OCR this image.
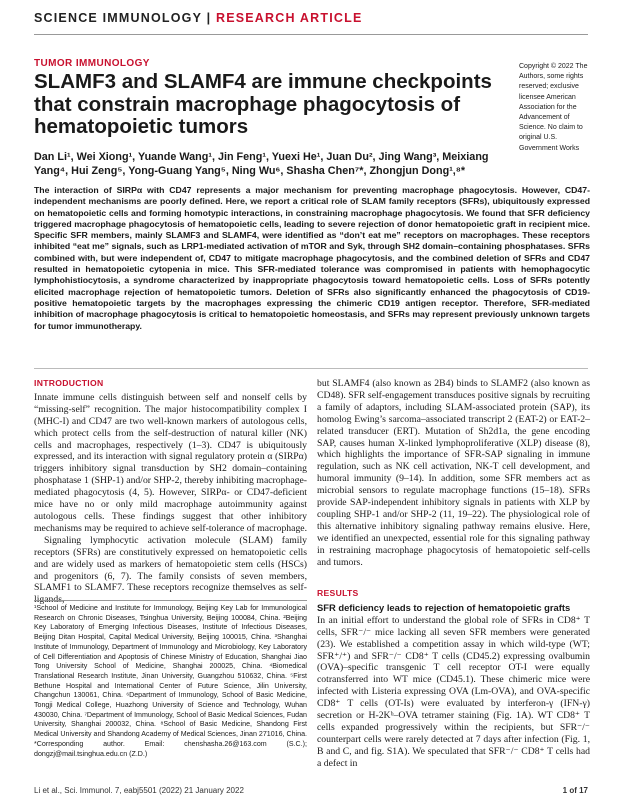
SCIENCE IMMUNOLOGY | RESEARCH ARTICLE
TUMOR IMMUNOLOGY
SLAMF3 and SLAMF4 are immune checkpoints that constrain macrophage phagocytosis of hematopoietic tumors
Dan Li¹, Wei Xiong¹, Yuande Wang¹, Jin Feng¹, Yuexi He¹, Juan Du², Jing Wang³, Meixiang Yang⁴, Hui Zeng⁵, Yong-Guang Yang⁵, Ning Wu⁶, Shasha Chen⁷*, Zhongjun Dong¹,⁸*
Copyright © 2022 The Authors, some rights reserved; exclusive licensee American Association for the Advancement of Science. No claim to original U.S. Government Works

The interaction of SIRPα with CD47 represents a major mechanism for preventing macrophage phagocytosis. However, CD47-independent mechanisms are poorly defined. Here, we report a critical role of SLAM family receptors (SFRs), ubiquitously expressed on hematopoietic cells and forming homotypic interactions, in constraining macrophage phagocytosis. We found that SFR deficiency triggered macrophage phagocytosis of hematopoietic cells, leading to severe rejection of donor hematopoietic graft in recipient mice. Specific SFR members, mainly SLAMF3 and SLAMF4, were identified as “don’t eat me” receptors on macrophages. These receptors inhibited “eat me” signals, such as LRP1-mediated activation of mTOR and Syk, through SH2 domain–containing phosphatases. SFRs combined with, but were independent of, CD47 to mitigate macrophage phagocytosis, and the combined deletion of SFRs and CD47 resulted in hematopoietic cytopenia in mice. This SFR-mediated tolerance was compromised in patients with hemophagocytic lymphohistiocytosis, a syndrome characterized by inappropriate phagocytosis toward hematopoietic cells. Loss of SFRs potently elicited macrophage rejection of hematopoietic tumors. Deletion of SFRs also significantly enhanced the phagocytosis of CD19-positive hematopoietic targets by the macrophages expressing the chimeric CD19 antigen receptor. Therefore, SFR-mediated inhibition of macrophage phagocytosis is critical to hematopoietic homeostasis, and SFRs may represent previously unknown targets for tumor immunotherapy.

INTRODUCTION

Innate immune cells distinguish between self and nonself cells by “missing-self” recognition. The major histocompatibility complex I (MHC-I) and CD47 are two well-known markers of autologous cells, which protect cells from the self-destruction of natural killer (NK) cells and macrophages, respectively (1–3). CD47 is ubiquitously expressed, and its interaction with signal regulatory protein α (SIRPα) triggers inhibitory signal transduction by SH2 domain–containing phosphatase 1 (SHP-1) and/or SHP-2, thereby inhibiting macrophage-mediated phagocytosis (4, 5). However, SIRPα- or CD47-deficient mice have no or only mild macrophage autoimmunity against autologous cells. These findings suggest that other inhibitory mechanisms may be required to achieve self-tolerance of macrophage.

Signaling lymphocytic activation molecule (SLAM) family receptors (SFRs) are constitutively expressed on hematopoietic cells and are widely used as markers of hematopoietic stem cells (HSCs) and progenitors (6, 7). The family consists of seven members, SLAMF1 to SLAMF7. These receptors recognize themselves as self-ligands,

¹School of Medicine and Institute for Immunology, Beijing Key Lab for Immunological Research on Chronic Diseases, Tsinghua University, Beijing 100084, China. ²Beijing Key Laboratory of Emerging Infectious Diseases, Institute of Infectious Diseases, Beijing Ditan Hospital, Capital Medical University, Beijing 100015, China. ³Shanghai Institute of Immunology, Department of Immunology and Microbiology, Key Laboratory of Cell Differentiation and Apoptosis of Chinese Ministry of Education, Shanghai Jiao Tong University School of Medicine, Shanghai 200025, China. ⁴Biomedical Translational Research Institute, Jinan University, Guangzhou 510632, China. ⁵First Bethune Hospital and International Center of Future Science, Jilin University, Changchun 130061, China. ⁶Department of Immunology, School of Basic Medicine, Tongji Medical College, Huazhong University of Science and Technology, Wuhan 430030, China. ⁷Department of Immunology, School of Basic Medical Sciences, Fudan University, Shanghai 200032, China. ⁸School of Basic Medicine, Shandong First Medical University and Shandong Academy of Medical Sciences, Jinan 271016, China. *Corresponding author. Email: chenshasha.26@163.com (S.C.); dongzj@mail.tsinghua.edu.cn (Z.D.)

but SLAMF4 (also known as 2B4) binds to SLAMF2 (also known as CD48). SFR self-engagement transduces positive signals by recruiting a family of adaptors, including SLAM-associated protein (SAP), its homolog Ewing’s sarcoma–associated transcript 2 (EAT-2) or EAT-2–related transducer (ERT). Mutation of Sh2d1a, the gene encoding SAP, causes human X-linked lymphoproliferative (XLP) disease (8), which highlights the importance of SFR-SAP signaling in immune regulation, such as NK cell activation, NK-T cell development, and humoral immunity (9–14). In addition, some SFR members act as microbial sensors to regulate macrophage functions (15–18). SFRs provide SAP-independent inhibitory signals in patients with XLP by coupling SHP-1 and/or SHP-2 (11, 19–22). The physiological role of this alternative inhibitory signaling pathway remains elusive. Here, we identified an unexpected, essential role for this signaling pathway in restraining macrophage phagocytosis of hematopoietic self-cells and tumors.

RESULTS
SFR deficiency leads to rejection of hematopoietic grafts

In an initial effort to understand the global role of SFRs in CD8⁺ T cells, SFR⁻/⁻ mice lacking all seven SFR members were generated (23). We established a competition assay in which wild-type (WT; SFR⁺/⁺) and SFR⁻/⁻ CD8⁺ T cells (CD45.2) expressing ovalbumin (OVA)–specific transgenic T cell receptor OT-I were equally cotransferred into WT mice (CD45.1). These chimeric mice were infected with Listeria expressing OVA (Lm-OVA), and OVA-specific CD8⁺ T cells (OT-Is) were evaluated by interferon-γ (IFN-γ) secretion or H-2Kᵇ–OVA tetramer staining (Fig. 1A). WT CD8⁺ T cells expanded progressively within the recipients, but SFR⁻/⁻ counterpart cells were rarely detected at 7 days after infection (Fig. 1, B and C, and fig. S1A). We speculated that SFR⁻/⁻ CD8⁺ T cells had a defect in

Li et al., Sci. Immunol. 7, eabj5501 (2022) 21 January 2022	1 of 17
